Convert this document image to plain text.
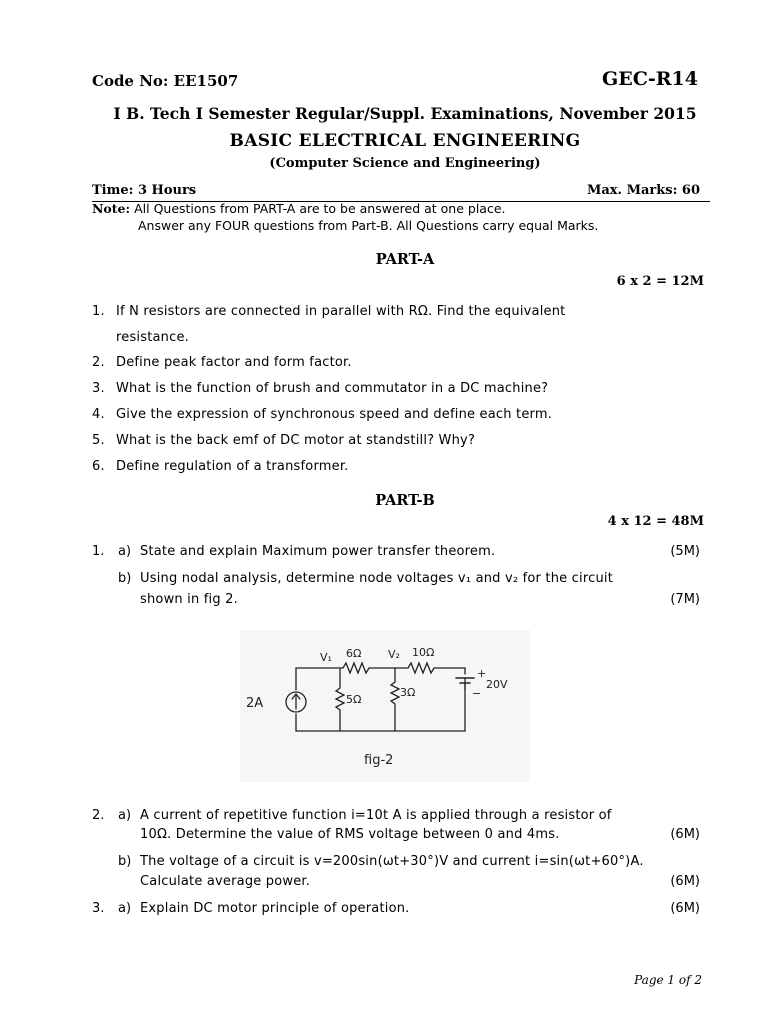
Code No: EE1507	GEC-R14
I B. Tech I Semester Regular/Suppl. Examinations, November 2015
BASIC ELECTRICAL ENGINEERING
(Computer Science and Engineering)
Time: 3 Hours	Max. Marks: 60
Note: All Questions from PART-A are to be answered at one place.
Answer any FOUR questions from Part-B. All Questions carry equal Marks.
PART-A
6 x 2 = 12M
1. If N resistors are connected in parallel with RΩ. Find the equivalent
resistance.
2. Define peak factor and form factor.
3. What is the function of brush and commutator in a DC machine?
4. Give the expression of synchronous speed and define each term.
5. What is the back emf of DC motor at standstill? Why?
6. Define regulation of a transformer.
PART-B
4 x 12 = 48M
1. a) State and explain Maximum power transfer theorem.	(5M)
b) Using nodal analysis, determine node voltages v₁ and v₂ for the circuit
shown in fig 2.	(7M)
V₁ 6Ω V₂ 10Ω
2A	5Ω
3Ω
20V
+
−
fig-2
2. a) A current of repetitive function i=10t A is applied through a resistor of
10Ω. Determine the value of RMS voltage between 0 and 4ms.	(6M)
b) The voltage of a circuit is v=200sin(ωt+30°)V and current i=sin(ωt+60°)A.
Calculate average power.	(6M)
3. a) Explain DC motor principle of operation.	(6M)
Page 1 of 2
